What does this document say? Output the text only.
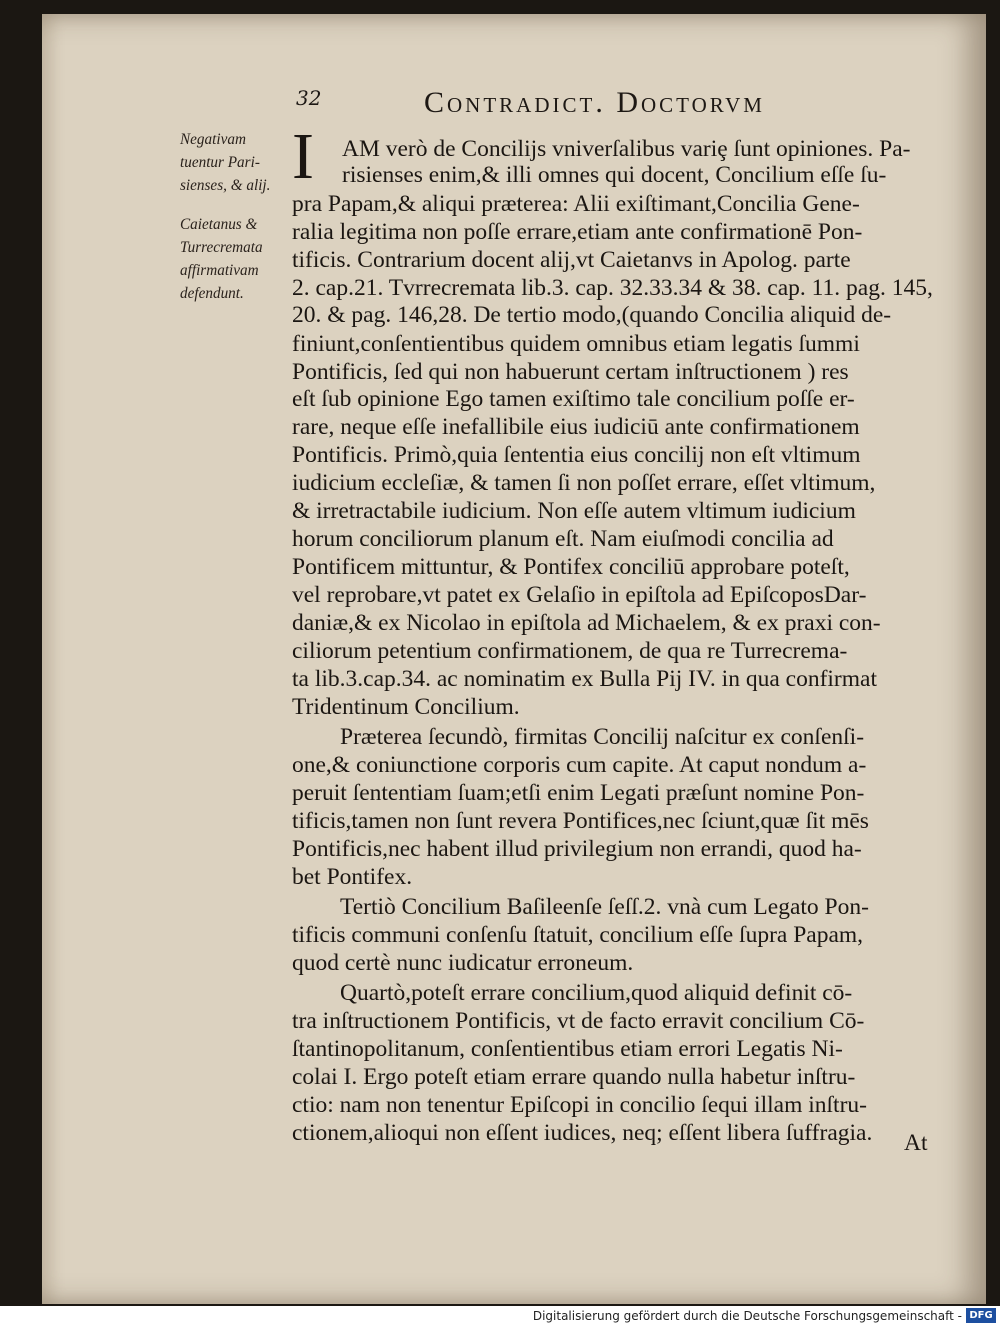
32	Contradict. Doctorvm
Negativam
tuentur Pari-
sienses, & alij.
Caietanus &
Turrecremata
affirmativam
defendunt.
I AM verò de Concilijs vniverſalibus variȩ ſunt opiniones. Pa-
risienses enim,& illi omnes qui docent, Concilium eſſe ſu-
pra Papam,& aliqui præterea: Alii exiſtimant,Concilia Gene-
ralia legitima non poſſe errare,etiam ante confirmationē Pon-
tificis. Contrarium docent alij,vt Caietanvs in Apolog. parte
2. cap.21. Tvrrecremata lib.3. cap. 32.33.34 & 38. cap. 11. pag. 145,
20. & pag. 146,28. De tertio modo,(quando Concilia aliquid de-
finiunt,conſentientibus quidem omnibus etiam legatis ſummi
Pontificis, ſed qui non habuerunt certam inſtructionem ) res
eſt ſub opinione Ego tamen exiſtimo tale concilium poſſe er-
rare, neque eſſe inefallibile eius iudiciū ante confirmationem
Pontificis. Primò,quia ſententia eius concilij non eſt vltimum
iudicium eccleſiæ, & tamen ſi non poſſet errare, eſſet vltimum,
& irretractabile iudicium. Non eſſe autem vltimum iudicium
horum conciliorum planum eſt. Nam eiuſmodi concilia ad
Pontificem mittuntur, & Pontifex conciliū approbare poteſt,
vel reprobare,vt patet ex Gelaſio in epiſtola ad EpiſcoposDar-
daniæ,& ex Nicolao in epiſtola ad Michaelem, & ex praxi con-
ciliorum petentium confirmationem, de qua re Turrecrema-
ta lib.3.cap.34. ac nominatim ex Bulla Pij IV. in qua confirmat
Tridentinum Concilium.
Præterea ſecundò, firmitas Concilij naſcitur ex conſenſi-
one,& coniunctione corporis cum capite. At caput nondum a-
peruit ſententiam ſuam;etſi enim Legati præſunt nomine Pon-
tificis,tamen non ſunt revera Pontifices,nec ſciunt,quæ ſit mēs
Pontificis,nec habent illud privilegium non errandi, quod ha-
bet Pontifex.
Tertiò Concilium Baſileenſe ſeſſ.2. vnà cum Legato Pon-
tificis communi conſenſu ſtatuit, concilium eſſe ſupra Papam,
quod certè nunc iudicatur erroneum.
Quartò,poteſt errare concilium,quod aliquid definit cō-
tra inſtructionem Pontificis, vt de facto erravit concilium Cō-
ſtantinopolitanum, conſentientibus etiam errori Legatis Ni-
colai I. Ergo poteſt etiam errare quando nulla habetur inſtru-
ctio: nam non tenentur Epiſcopi in concilio ſequi illam inſtru-
ctionem,alioqui non eſſent iudices, neq; eſſent libera ſuffragia. At
Digitalisierung gefördert durch die Deutsche Forschungsgemeinschaft - DFG
